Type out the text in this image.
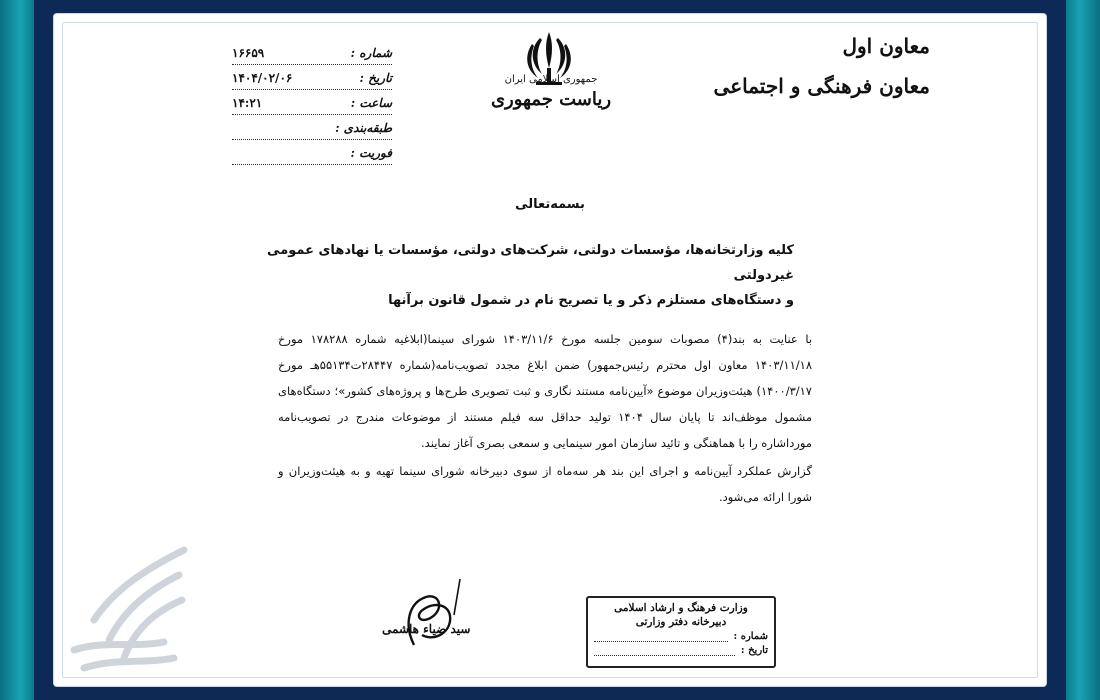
معاون اول
معاون فرهنگی و اجتماعی
جمهوری اسلامی ایران
ریاست جمهوری
شماره :
۱۶۶۵۹
تاریخ :
۱۴۰۴/۰۲/۰۶
ساعت :
۱۴:۲۱
طبقه‌بندی :
فوریت :
بسمه‌تعالی
کلیه وزارتخانه‌ها، مؤسسات دولتی، شرکت‌های دولتی، مؤسسات یا نهادهای عمومی غیردولتی
و دستگاه‌های مستلزم ذکر و یا تصریح نام در شمول قانون برآنها

با عنایت به بند(۴) مصوبات سومین جلسه مورخ ۱۴۰۳/۱۱/۶ شورای سینما(ابلاغیه شماره ۱۷۸۲۸۸ مورخ ۱۴۰۳/۱۱/۱۸ معاون اول محترم رئیس‌جمهور) ضمن ابلاغ مجدد تصویب‌نامه(شماره ۲۸۴۴۷ت۵۵۱۳۴هـ مورخ ۱۴۰۰/۳/۱۷) هیئت‌وزیران موضوع «آیین‌نامه مستند نگاری و ثبت تصویری طرح‌ها و پروژه‌های کشور»؛ دستگاه‌های مشمول موظف‌اند تا پایان سال ۱۴۰۴ تولید حداقل سه فیلم مستند از موضوعات مندرج در تصویب‌نامه مورداشاره را با هماهنگی و تائید سازمان امور سینمایی و سمعی بصری آغاز نمایند.

گزارش عملکرد آیین‌نامه و اجرای این بند هر سه‌ماه از سوی دبیرخانه شورای سینما تهیه و به هیئت‌وزیران و شورا ارائه می‌شود.

سید ضیاء هاشمی
وزارت فرهنگ و ارشاد اسلامی
دبیرخانه دفتر وزارتی
شماره :
تاریخ :
